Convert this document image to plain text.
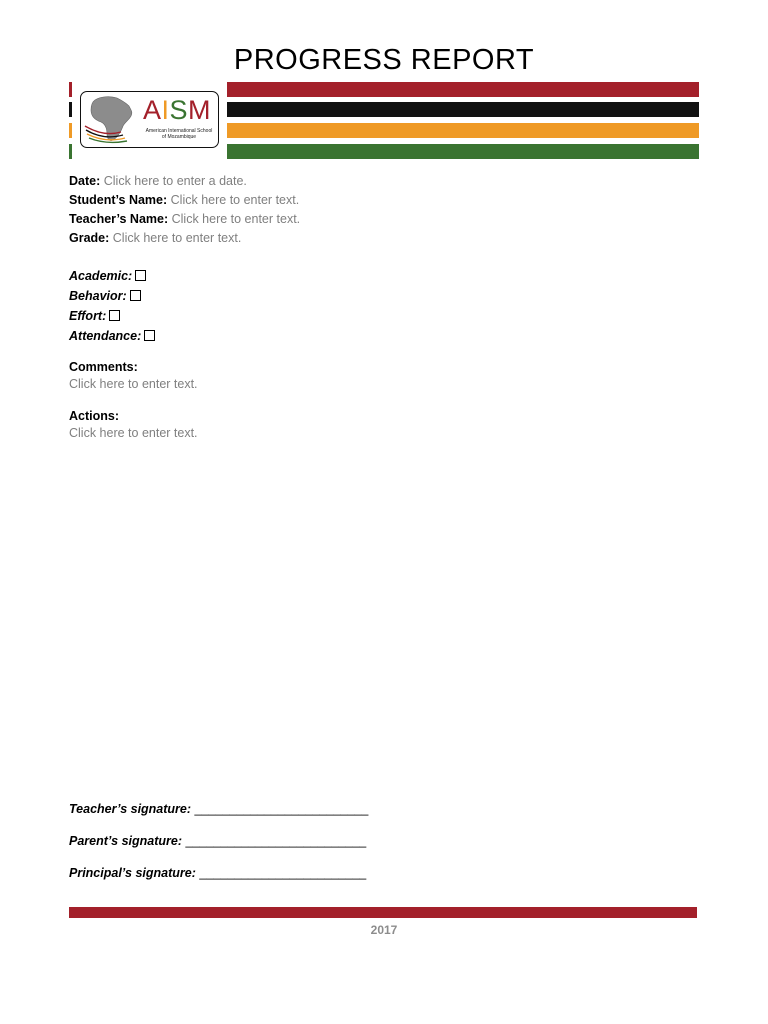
PROGRESS REPORT
AISM
American International School of Mozambique
Date: Click here to enter a date.
Student’s Name: Click here to enter text.
Teacher’s Name: Click here to enter text.
Grade: Click here to enter text.
Academic:
Behavior:
Effort:
Attendance:
Comments:
Click here to enter text.
Actions:
Click here to enter text.
Teacher’s signature: _________________________
Parent’s signature: __________________________
Principal’s signature: ________________________
2017
